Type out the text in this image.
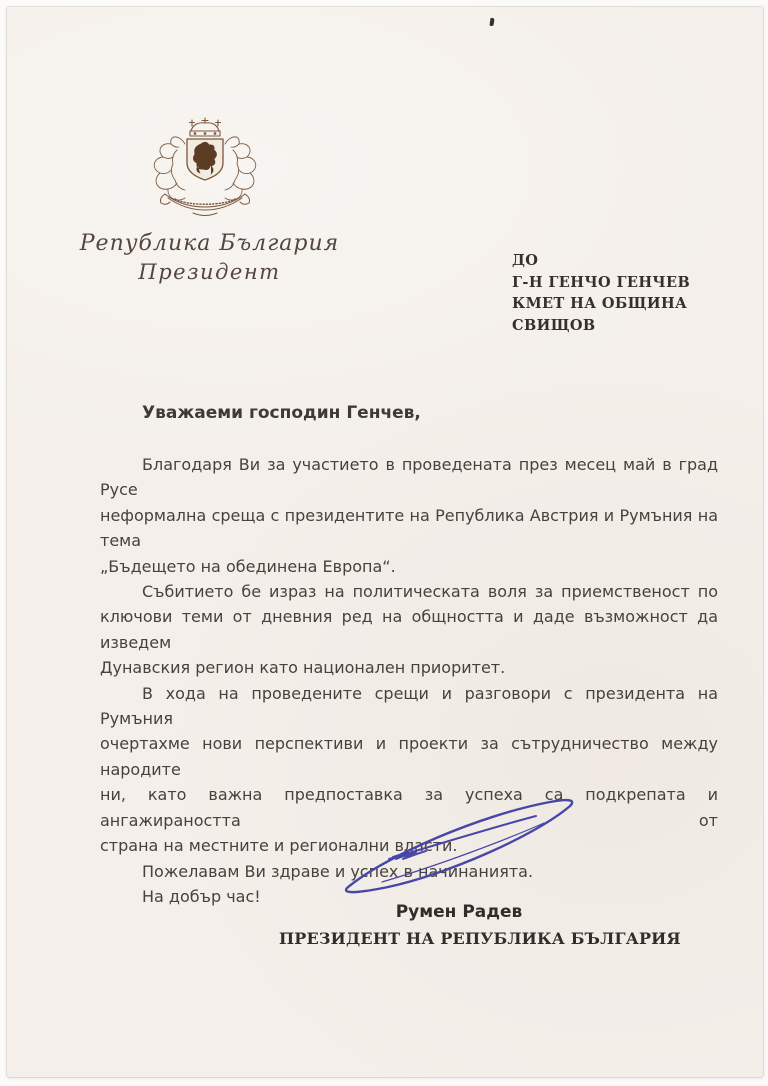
Република България
Президент	ДО
Г-Н ГЕНЧО ГЕНЧЕВ
КМЕТ НА ОБЩИНА
СВИЩОВ
Уважаеми господин Генчев,
Благодаря Ви за участието в проведената през месец май в град Русе
неформална среща с президентите на Република Австрия и Румъния на тема
„Бъдещето на обединена Европа“.
Събитието бе израз на политическата воля за приемственост по
ключови теми от дневния ред на общността и даде възможност да изведем
Дунавския регион като национален приоритет.
В хода на проведените срещи и разговори с президента на Румъния
очертахме нови перспективи и проекти за сътрудничество между народите
ни, като важна предпоставка за успеха са подкрепата и ангажираността от
страна на местните и регионални власти.
Пожелавам Ви здраве и успех в начинанията.
На добър час!
Румен Радев
ПРЕЗИДЕНТ НА РЕПУБЛИКА БЪЛГАРИЯ
